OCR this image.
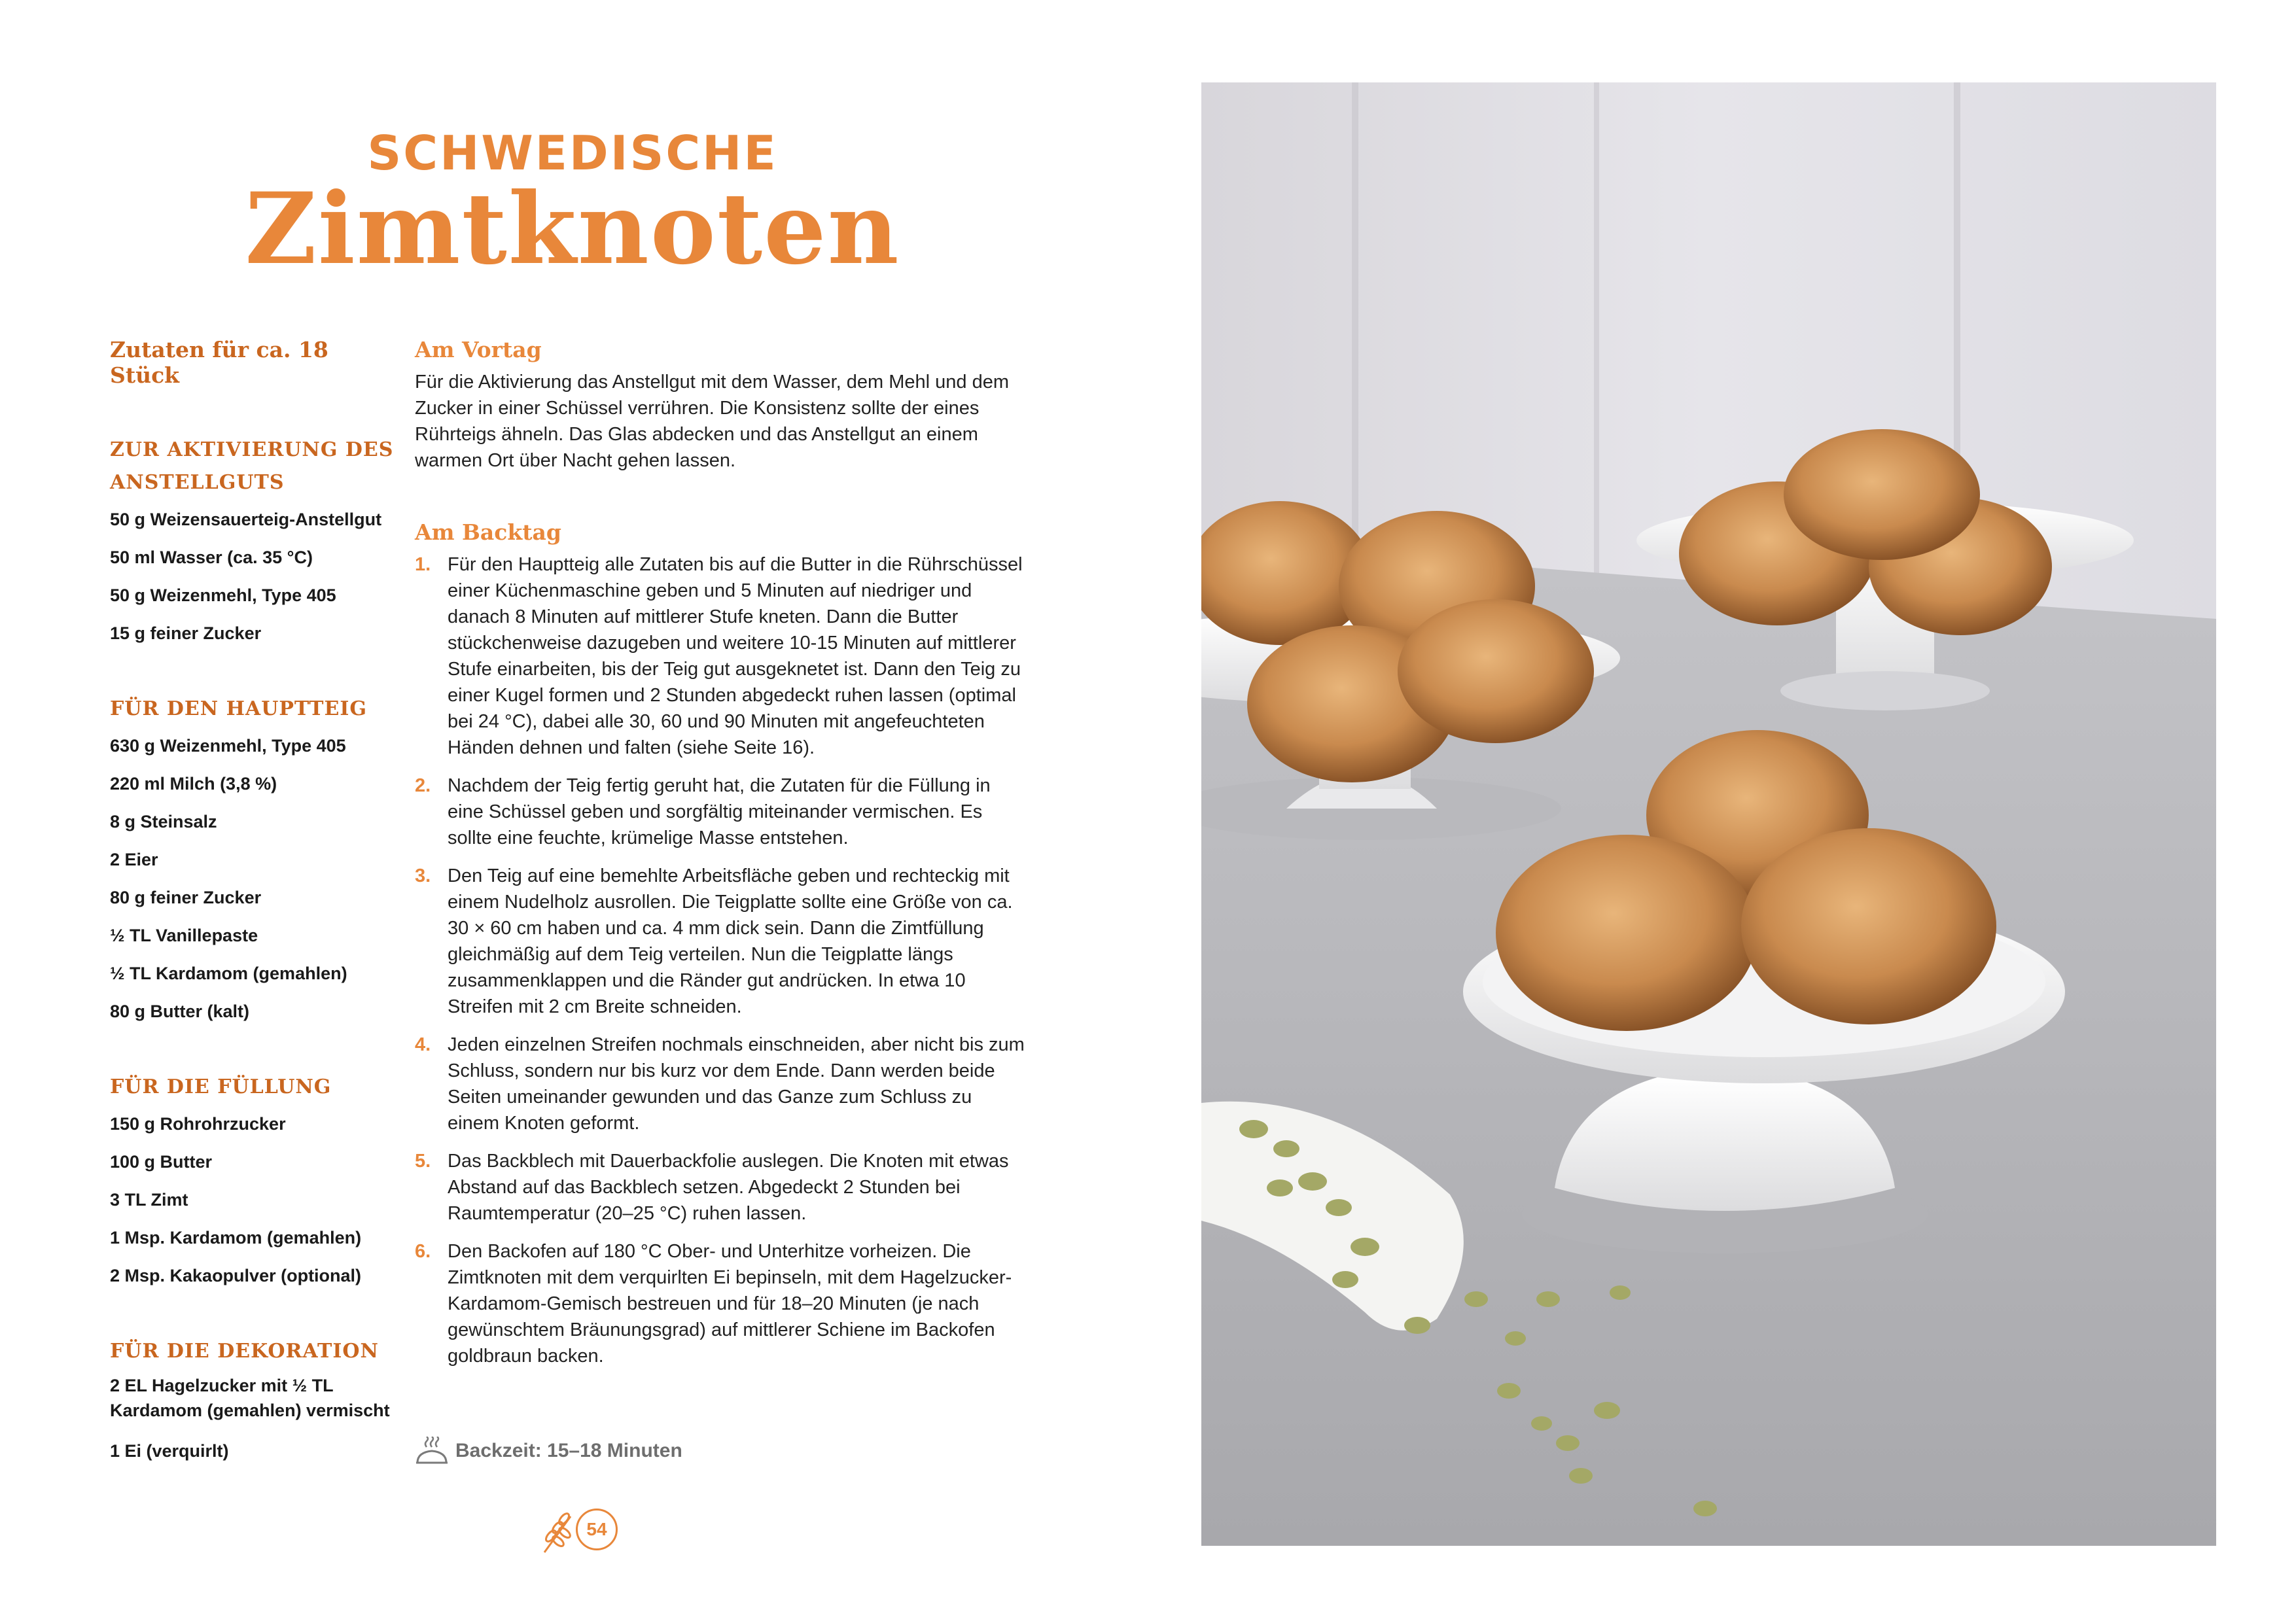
SCHWEDISCHE
Zimtknoten
Zutaten für ca. 18 Stück
ZUR AKTIVIERUNG DES ANSTELLGUTS
50 g Weizensauerteig-Anstellgut
50 ml Wasser (ca. 35 °C)
50 g Weizenmehl, Type 405
15 g feiner Zucker
FÜR DEN HAUPTTEIG
630 g Weizenmehl, Type 405
220 ml Milch (3,8 %)
8 g Steinsalz
2 Eier
80 g feiner Zucker
½ TL Vanillepaste
½ TL Kardamom (gemahlen)
80 g Butter (kalt)
FÜR DIE FÜLLUNG
150 g Rohrohrzucker
100 g Butter
3 TL Zimt
1 Msp. Kardamom (gemahlen)
2 Msp. Kakaopulver (optional)
FÜR DIE DEKORATION
2 EL Hagelzucker mit ½ TL Kardamom (gemahlen) vermischt
1 Ei (verquirlt)
Am Vortag

Für die Aktivierung das Anstellgut mit dem Wasser, dem Mehl und dem Zucker in einer Schüssel verrühren. Die Konsistenz sollte der eines Rührteigs ähneln. Das Glas abdecken und das Anstellgut an einem warmen Ort über Nacht gehen lassen.

Am Backtag
1. Für den Hauptteig alle Zutaten bis auf die Butter in die Rührschüssel einer Küchenmaschine geben und 5 Minuten auf niedriger und danach 8 Minuten auf mittlerer Stufe kneten. Dann die Butter stückchenweise dazugeben und weitere 10-15 Minuten auf mittlerer Stufe einarbeiten, bis der Teig gut ausgeknetet ist. Dann den Teig zu einer Kugel formen und 2 Stunden abgedeckt ruhen lassen (optimal bei 24 °C), dabei alle 30, 60 und 90 Minuten mit angefeuchteten Händen dehnen und falten (siehe Seite 16).
2. Nachdem der Teig fertig geruht hat, die Zutaten für die Füllung in eine Schüssel geben und sorgfältig miteinander vermischen. Es sollte eine feuchte, krümelige Masse entstehen.
3. Den Teig auf eine bemehlte Arbeitsfläche geben und rechteckig mit einem Nudelholz ausrollen. Die Teigplatte sollte eine Größe von ca. 30 × 60 cm haben und ca. 4 mm dick sein. Dann die Zimtfüllung gleichmäßig auf dem Teig verteilen. Nun die Teigplatte längs zusammenklappen und die Ränder gut andrücken. In etwa 10 Streifen mit 2 cm Breite schneiden.
4. Jeden einzelnen Streifen nochmals einschneiden, aber nicht bis zum Schluss, sondern nur bis kurz vor dem Ende. Dann werden beide Seiten umeinander gewunden und das Ganze zum Schluss zu einem Knoten geformt.
5. Das Backblech mit Dauerbackfolie auslegen. Die Knoten mit etwas Abstand auf das Backblech setzen. Abgedeckt 2 Stunden bei Raumtemperatur (20–25 °C) ruhen lassen.
6. Den Backofen auf 180 °C Ober- und Unterhitze vorheizen. Die Zimtknoten mit dem verquirlten Ei bepinseln, mit dem Hagelzucker-Kardamom-Gemisch bestreuen und für 18–20 Minuten (je nach gewünschtem Bräunungsgrad) auf mittlerer Schiene im Backofen goldbraun backen.
Backzeit: 15–18 Minuten
54
